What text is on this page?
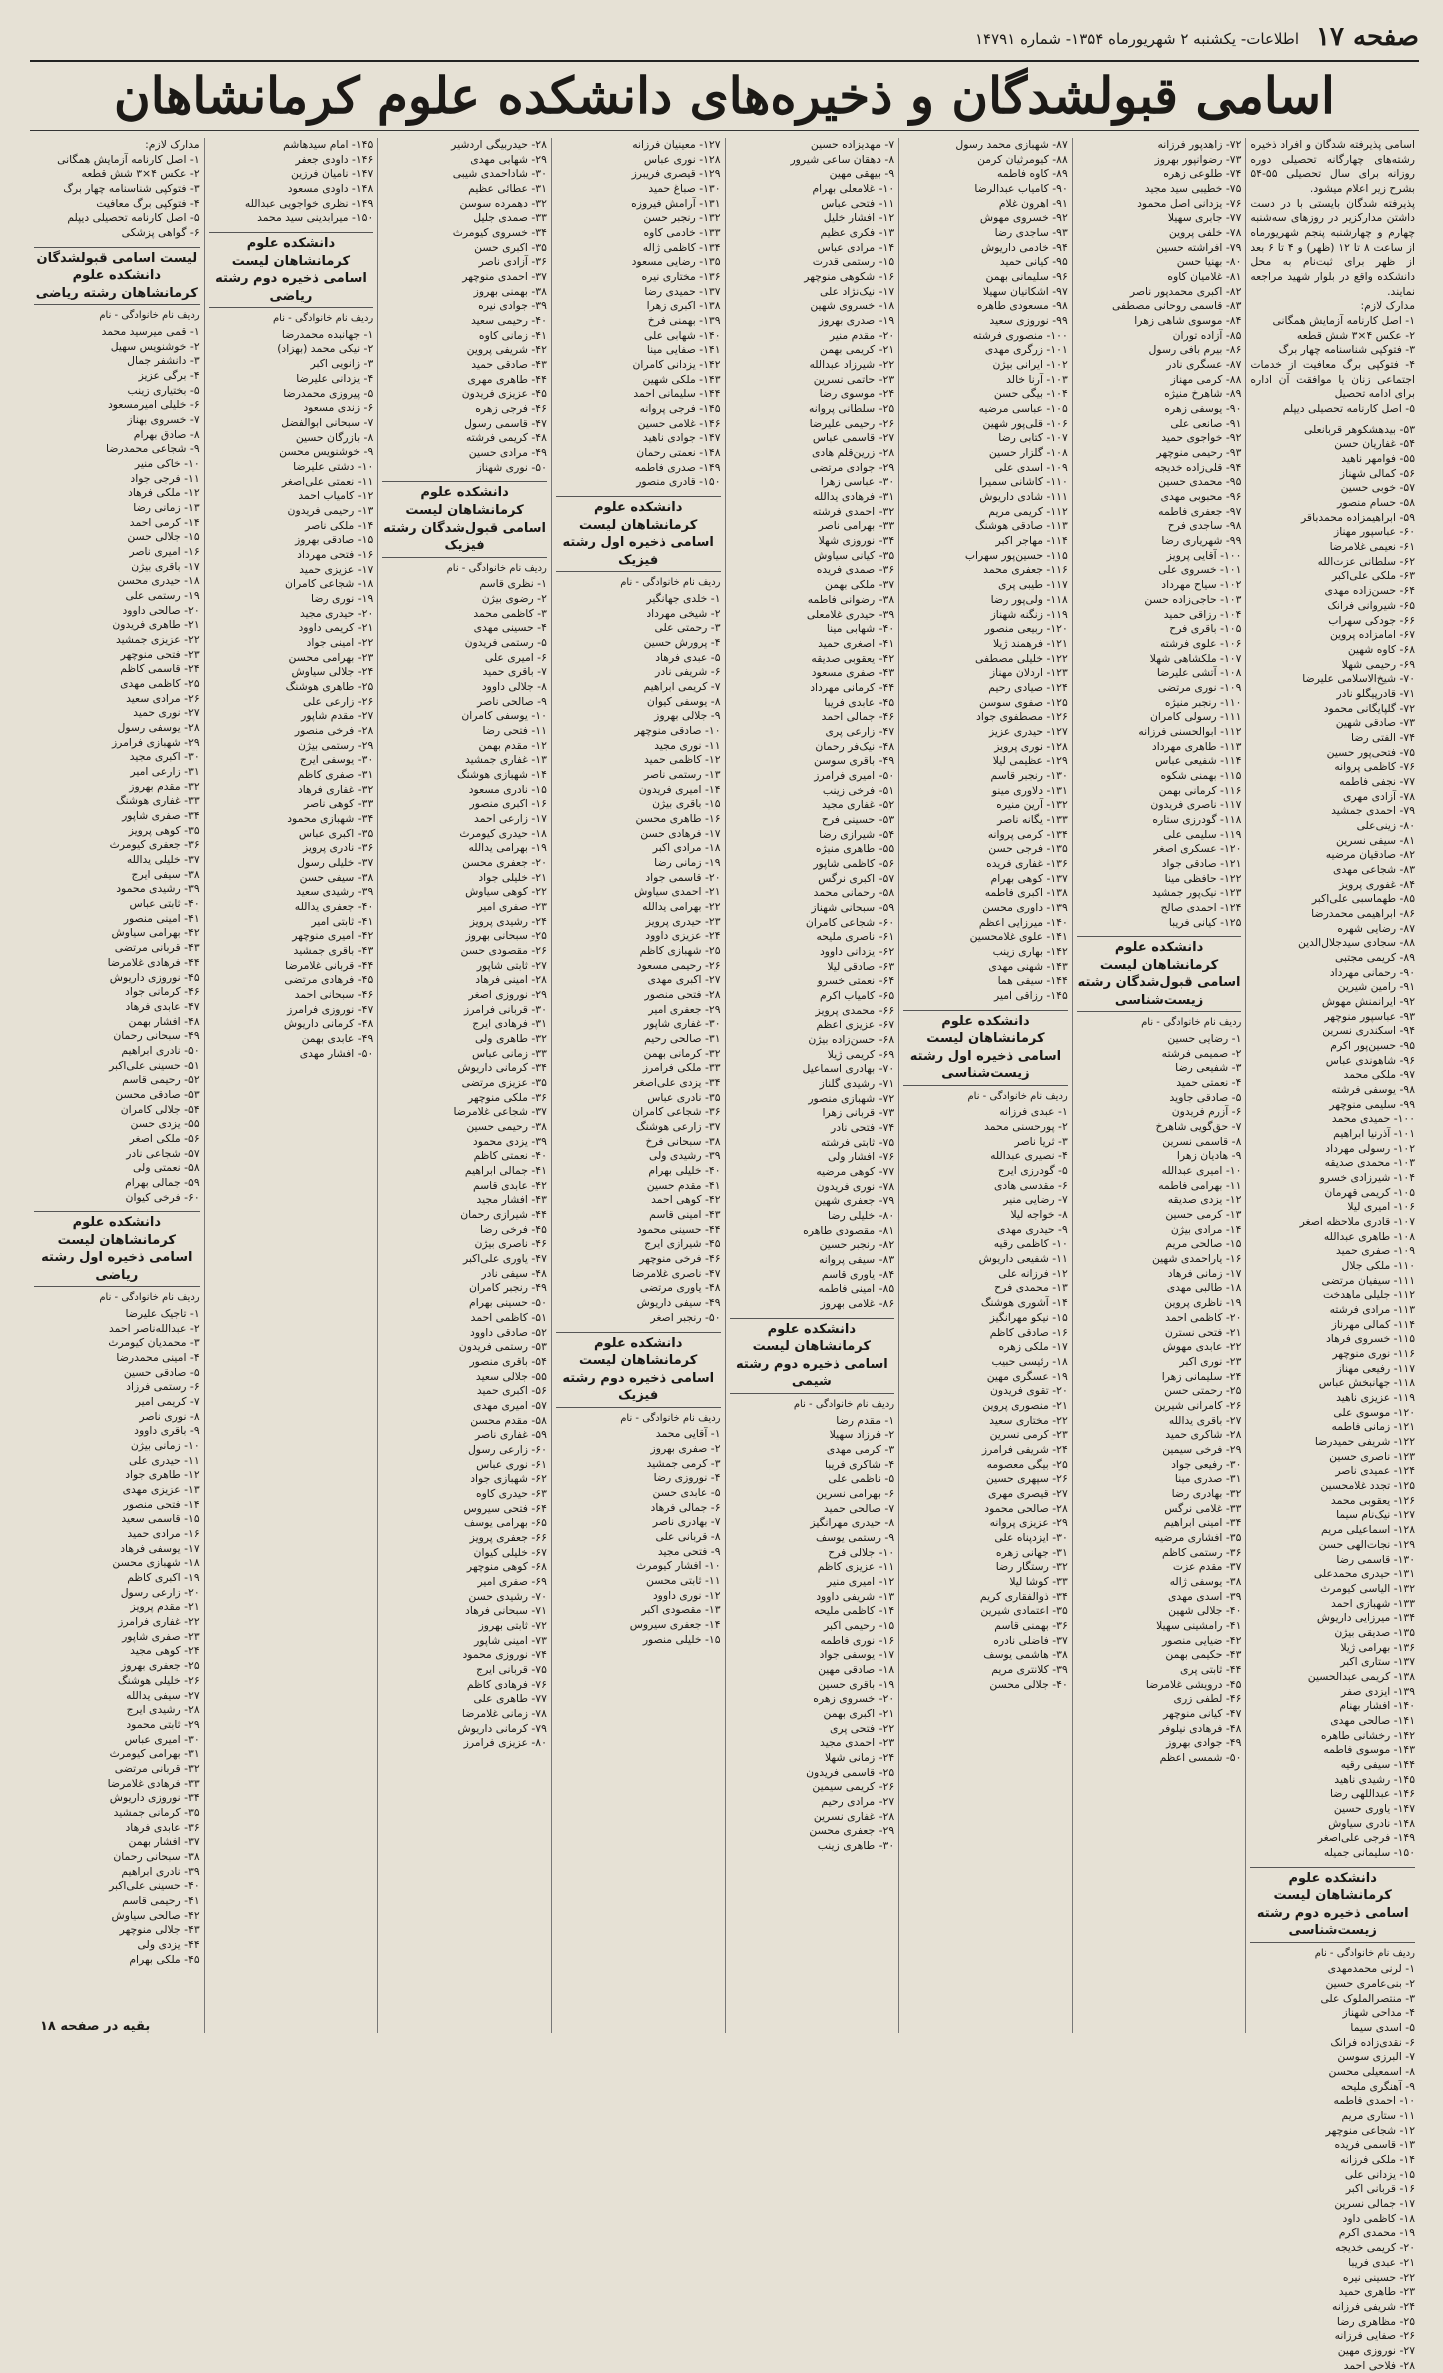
صفحه ۱۷
اطلاعات- یکشنبه ۲ شهریورماه ۱۳۵۴- شماره ۱۴۷۹۱
اسامی قبولشدگان و ذخیره‌های دانشکده علوم کرمانشاهان
اسامی پذیرفته شدگان و افراد ذخیره رشته‌های چهارگانه تحصیلی دوره روزانه برای سال تحصیلی ۵۵-۵۴ بشرح زیر اعلام میشود.
پذیرفته شدگان بایستی با در دست داشتن مدارکزیر در روزهای سه‌شنبه چهارم و چهارشنبه پنجم شهریورماه از ساعت ۸ تا ۱۲ (ظهر) و ۴ تا ۶ بعد از ظهر برای ثبت‌نام به محل دانشکده واقع در بلوار شهید مراجعه نمایند.
مدارک لازم:
۱- اصل کارنامه آزمایش همگانی
۲- عکس ۴×۳ شش قطعه
۳- فتوکپی شناسنامه چهار برگ
۴- فتوکپی برگ معافیت از خدمات اجتماعی زنان یا موافقت آن اداره برای ادامه تحصیل
۵- اصل کارنامه تحصیلی دیپلم
۵۳- بیدهشکوهر قربانعلی
۵۴- غفاریان حسن
۵۵- فوامهر ناهید
۵۶- کمالی شهناز
۵۷- خوبی حسین
۵۸- حسام منصور
۵۹- ابراهیمزاده محمدباقر
۶۰- عباسپور مهناز
۶۱- نعیمی غلامرضا
۶۲- سلطانی عزت‌الله
۶۳- ملکی علی‌اکبر
۶۴- حسن‌زاده مهدی
۶۵- شیروانی فرانک
۶۶- جودکی سهراب
۶۷- امامزاده پروین
۶۸- کاوه شهین
۶۹- رحیمی شهلا
۷۰- شیخ‌الاسلامی علیرضا
۷۱- قادرپیگلو نادر
۷۲- گلپایگانی محمود
۷۳- صادقی شهین
۷۴- الفتی رضا
۷۵- فتحی‌پور حسین
۷۶- کاظمی پروانه
۷۷- نجفی فاطمه
۷۸- آزادی مهری
۷۹- احمدی جمشید
۸۰- زینی‌علی
۸۱- سیفی نسرین
۸۲- صادقیان مرضیه
۸۳- شجاعی مهدی
۸۴- غفوری پرویز
۸۵- طهماسبی علی‌اکبر
۸۶- ابراهیمی محمدرضا
۸۷- رضایی شهره
۸۸- سجادی سیدجلال‌الدین
۸۹- کریمی مجتبی
۹۰- رحمانی مهرداد
۹۱- رامین شیرین
۹۲- ایرانمنش مهوش
۹۳- عباسپور منوچهر
۹۴- اسکندری نسرین
۹۵- حسین‌پور اکرم
۹۶- شاهوندی عباس
۹۷- ملکی محمد
۹۸- یوسفی فرشته
۹۹- سلیمی منوچهر
۱۰۰- حمیدی محمد
۱۰۱- آذرنیا ابراهیم
۱۰۲- رسولی مهرداد
۱۰۳- محمدی صدیقه
۱۰۴- شیرزادی خسرو
۱۰۵- کریمی قهرمان
۱۰۶- امیری لیلا
۱۰۷- قادری ملاحظه اصغر
۱۰۸- طاهری عبدالله
۱۰۹- صفری حمید
۱۱۰- ملکی جلال
۱۱۱- سیفیان مرتضی
۱۱۲- جلیلی ماهدخت
۱۱۳- مرادی فرشته
۱۱۴- کمالی مهرناز
۱۱۵- خسروی فرهاد
۱۱۶- نوری منوچهر
۱۱۷- رفیعی مهناز
۱۱۸- جهانبخش عباس
۱۱۹- عزیزی ناهید
۱۲۰- موسوی علی
۱۲۱- زمانی فاطمه
۱۲۲- شریفی حمیدرضا
۱۲۳- ناصری حسین
۱۲۴- عمیدی ناصر
۱۲۵- تجدد غلامحسین
۱۲۶- یعقوبی محمد
۱۲۷- نیک‌نام سیما
۱۲۸- اسماعیلی مریم
۱۲۹- نجات‌الهی حسن
۱۳۰- قاسمی رضا
۱۳۱- حیدری محمدعلی
۱۳۲- الیاسی کیومرث
۱۳۳- شهبازی احمد
۱۳۴- میرزایی داریوش
۱۳۵- صدیقی بیژن
۱۳۶- بهرامی ژیلا
۱۳۷- ستاری اکبر
۱۳۸- کریمی عبدالحسین
۱۳۹- ایزدی صفر
۱۴۰- افشار بهنام
۱۴۱- صالحی مهدی
۱۴۲- رخشانی طاهره
۱۴۳- موسوی فاطمه
۱۴۴- سیفی رقیه
۱۴۵- رشیدی ناهید
۱۴۶- عبداللهی رضا
۱۴۷- یاوری حسین
۱۴۸- نادری سیاوش
۱۴۹- فرجی علی‌اصغر
۱۵۰- سلیمانی جمیله
دانشکده علوم کرمانشاهان لیست اسامی ذخیره دوم رشته زیست‌شناسی
ردیف نام خانوادگی - نام
۱- لرنی محمدمهدی
۲- بنی‌عامری حسین
۳- منتصرالملوک علی
۴- مداحی شهناز
۵- اسدی سیما
۶- نقدی‌زاده فرانک
۷- البرزی سوسن
۸- اسمعیلی محسن
۹- آهنگری ملیحه
۱۰- احمدی فاطمه
۱۱- ستاری مریم
۱۲- شجاعی منوچهر
۱۳- قاسمی فریده
۱۴- ملکی فرزانه
۱۵- یزدانی علی
۱۶- قربانی اکبر
۱۷- جمالی نسرین
۱۸- کاظمی داود
۱۹- محمدی اکرم
۲۰- کریمی خدیجه
۲۱- عبدی فریبا
۲۲- حسینی نیره
۲۳- طاهری حمید
۲۴- شریفی فرزانه
۲۵- مظاهری رضا
۲۶- صفایی فرزانه
۲۷- نوروزی مهین
۲۸- فلاحی احمد
۷۲- زاهدپور فرزانه
۷۳- رضوانپور بهروز
۷۴- طلوعی زهره
۷۵- خطیبی سید مجید
۷۶- یزدانی اصل محمود
۷۷- جابری سهیلا
۷۸- خلفی پروین
۷۹- افراشته حسین
۸۰- بهنیا حسن
۸۱- غلامیان کاوه
۸۲- اکبری محمدپور ناصر
۸۳- قاسمی روحانی مصطفی
۸۴- موسوی شاهی زهرا
۸۵- آزاده توران
۸۶- بیرم بافی رسول
۸۷- عسگری نادر
۸۸- کرمی مهناز
۸۹- شاهرخ منیژه
۹۰- یوسفی زهره
۹۱- صانعی علی
۹۲- خواجوی حمید
۹۳- رحیمی منوچهر
۹۴- قلی‌زاده خدیجه
۹۵- محمدی حسین
۹۶- محبوبی مهدی
۹۷- جعفری فاطمه
۹۸- ساجدی فرح
۹۹- شهریاری رضا
۱۰۰- آقایی پرویز
۱۰۱- خسروی علی
۱۰۲- سیاح مهرداد
۱۰۳- حاجی‌زاده حسن
۱۰۴- رزاقی حمید
۱۰۵- باقری فرح
۱۰۶- علوی فرشته
۱۰۷- ملکشاهی شهلا
۱۰۸- آتشی علیرضا
۱۰۹- نوری مرتضی
۱۱۰- رنجبر منیژه
۱۱۱- رسولی کامران
۱۱۲- ابوالحسنی فرزانه
۱۱۳- طاهری مهرداد
۱۱۴- شفیعی عباس
۱۱۵- بهمنی شکوه
۱۱۶- کرمانی بهمن
۱۱۷- ناصری فریدون
۱۱۸- گودرزی ستاره
۱۱۹- سلیمی علی
۱۲۰- عسکری اصغر
۱۲۱- صادقی جواد
۱۲۲- حافظی مینا
۱۲۳- نیک‌پور جمشید
۱۲۴- احمدی صالح
۱۲۵- کیانی فریبا
دانشکده علوم کرمانشاهان لیست اسامی قبول‌شدگان رشته زیست‌شناسی
ردیف نام خانوادگی - نام
۱- رضایی حسین
۲- صمیمی فرشته
۳- شفیعی رضا
۴- نعمتی حمید
۵- صادقی جاوید
۶- آزرم فریدون
۷- حق‌گویی شاهرخ
۸- قاسمی نسرین
۹- هادیان زهرا
۱۰- امیری عبدالله
۱۱- بهرامی فاطمه
۱۲- یزدی صدیقه
۱۳- کرمی حسین
۱۴- مرادی بیژن
۱۵- صالحی مریم
۱۶- یاراحمدی شهین
۱۷- زمانی فرهاد
۱۸- طالبی مهدی
۱۹- ناظری پروین
۲۰- کاظمی احمد
۲۱- فتحی نسترن
۲۲- عابدی مهوش
۲۳- نوری اکبر
۲۴- سلیمانی زهرا
۲۵- رحمتی حسن
۲۶- کامرانی شیرین
۲۷- باقری یدالله
۲۸- شاکری حمید
۲۹- فرخی سیمین
۳۰- رفیعی جواد
۳۱- صدری مینا
۳۲- بهادری رضا
۳۳- غلامی نرگس
۳۴- امینی ابراهیم
۳۵- افشاری مرضیه
۳۶- رستمی کاظم
۳۷- مقدم عزت
۳۸- یوسفی ژاله
۳۹- اسدی مهدی
۴۰- جلالی شهین
۴۱- رامشینی سهیلا
۴۲- ضیایی منصور
۴۳- حکیمی بهمن
۴۴- ثابتی پری
۴۵- درویشی غلامرضا
۴۶- لطفی زری
۴۷- کیانی منوچهر
۴۸- فرهادی نیلوفر
۴۹- جوادی بهروز
۵۰- شمسی اعظم
۸۷- شهبازی محمد رسول
۸۸- کیومرثیان کرمن
۸۹- کاوه فاطمه
۹۰- کامیاب عبدالرضا
۹۱- اهرون غلام
۹۲- خسروی مهوش
۹۳- ساجدی رضا
۹۴- خادمی داریوش
۹۵- کیانی حمید
۹۶- سلیمانی بهمن
۹۷- اشکانیان سهیلا
۹۸- مسعودی طاهره
۹۹- نوروزی سعید
۱۰۰- منصوری فرشته
۱۰۱- زرگری مهدی
۱۰۲- ایرانی بیژن
۱۰۳- آرنا خالد
۱۰۴- بیگی حسن
۱۰۵- عباسی مرضیه
۱۰۶- قلی‌پور شهین
۱۰۷- کتابی رضا
۱۰۸- گلزار حسین
۱۰۹- اسدی علی
۱۱۰- کاشانی سمیرا
۱۱۱- شادی داریوش
۱۱۲- کریمی مریم
۱۱۳- صادقی هوشنگ
۱۱۴- مهاجر اکبر
۱۱۵- حسین‌پور سهراب
۱۱۶- جعفری محمد
۱۱۷- طیبی پری
۱۱۸- ولی‌پور رضا
۱۱۹- زنگنه شهناز
۱۲۰- ربیعی منصور
۱۲۱- فرهمند ژیلا
۱۲۲- خلیلی مصطفی
۱۲۳- اردلان مهناز
۱۲۴- صیادی رحیم
۱۲۵- صفوی سوسن
۱۲۶- مصطفوی جواد
۱۲۷- حیدری عزیز
۱۲۸- نوری پرویز
۱۲۹- عظیمی لیلا
۱۳۰- رنجبر قاسم
۱۳۱- دلاوری مینو
۱۳۲- آرین منیره
۱۳۳- یگانه ناصر
۱۳۴- کرمی پروانه
۱۳۵- فرجی حسن
۱۳۶- غفاری فریده
۱۳۷- کوهی بهرام
۱۳۸- اکبری فاطمه
۱۳۹- داوری محسن
۱۴۰- میرزایی اعظم
۱۴۱- علوی غلامحسین
۱۴۲- بهاری زینب
۱۴۳- شهنی مهدی
۱۴۴- سیفی هما
۱۴۵- رزاقی امیر
دانشکده علوم کرمانشاهان لیست اسامی ذخیره اول رشته زیست‌شناسی
ردیف نام خانوادگی - نام
۱- عبدی فرزانه
۲- پورحسنی محمد
۳- ثریا ناصر
۴- نصیری عبدالله
۵- گودرزی ایرج
۶- مقدسی هادی
۷- رضایی منیر
۸- خواجه لیلا
۹- حیدری مهدی
۱۰- کاظمی رقیه
۱۱- شفیعی داریوش
۱۲- فرزانه علی
۱۳- محمدی فرح
۱۴- آشوری هوشنگ
۱۵- نیکو مهرانگیز
۱۶- صادقی کاظم
۱۷- ملکی زهره
۱۸- رئیسی حبیب
۱۹- عسگری مهین
۲۰- تقوی فریدون
۲۱- منصوری پروین
۲۲- مختاری سعید
۲۳- کرمی نسرین
۲۴- شریفی فرامرز
۲۵- بیگی معصومه
۲۶- سپهری حسین
۲۷- قیصری مهری
۲۸- صالحی محمود
۲۹- عزیزی پروانه
۳۰- ایزدپناه علی
۳۱- جهانی زهره
۳۲- رستگار رضا
۳۳- کوشا لیلا
۳۴- ذوالفقاری کریم
۳۵- اعتمادی شیرین
۳۶- بهمنی قاسم
۳۷- فاضلی نادره
۳۸- هاشمی یوسف
۳۹- کلانتری مریم
۴۰- جلالی محسن
۷- مهدیزاده حسین
۸- دهقان ساعی شیرور
۹- بیهقی مهین
۱۰- غلامعلی بهرام
۱۱- فتحی عباس
۱۲- افشار خلیل
۱۳- فکری عظیم
۱۴- مرادی عباس
۱۵- رستمی قدرت
۱۶- شکوهی منوچهر
۱۷- نیک‌نژاد علی
۱۸- خسروی شهین
۱۹- صدری بهروز
۲۰- مقدم منیر
۲۱- کریمی بهمن
۲۲- شیرزاد عبدالله
۲۳- حاتمی نسرین
۲۴- موسوی رضا
۲۵- سلطانی پروانه
۲۶- رحیمی علیرضا
۲۷- قاسمی عباس
۲۸- زرین‌قلم هادی
۲۹- جوادی مرتضی
۳۰- عباسی زهرا
۳۱- فرهادی یدالله
۳۲- احمدی فرشته
۳۳- بهرامی ناصر
۳۴- نوروزی شهلا
۳۵- کیانی سیاوش
۳۶- صمدی فریده
۳۷- ملکی بهمن
۳۸- رضوانی فاطمه
۳۹- حیدری غلامعلی
۴۰- شهابی مینا
۴۱- اصغری حمید
۴۲- یعقوبی صدیقه
۴۳- صفری مسعود
۴۴- کرمانی مهرداد
۴۵- عابدی فریبا
۴۶- جمالی احمد
۴۷- زارعی پری
۴۸- نیک‌فر رحمان
۴۹- باقری سوسن
۵۰- امیری فرامرز
۵۱- فرخی زینب
۵۲- غفاری مجید
۵۳- حسینی فرح
۵۴- شیرازی رضا
۵۵- طاهری منیژه
۵۶- کاظمی شاپور
۵۷- اکبری نرگس
۵۸- رحمانی محمد
۵۹- سبحانی شهناز
۶۰- شجاعی کامران
۶۱- ناصری ملیحه
۶۲- یزدانی داوود
۶۳- صادقی لیلا
۶۴- نعمتی خسرو
۶۵- کامیاب اکرم
۶۶- محمدی پرویز
۶۷- عزیزی اعظم
۶۸- حسن‌زاده بیژن
۶۹- کریمی ژیلا
۷۰- بهادری اسماعیل
۷۱- رشیدی گلناز
۷۲- شهبازی منصور
۷۳- قربانی زهرا
۷۴- فتحی نادر
۷۵- ثابتی فرشته
۷۶- افشار ولی
۷۷- کوهی مرضیه
۷۸- نوری فریدون
۷۹- جعفری شهین
۸۰- خلیلی رضا
۸۱- مقصودی طاهره
۸۲- رنجبر حسین
۸۳- سیفی پروانه
۸۴- یاوری قاسم
۸۵- امینی فاطمه
۸۶- غلامی بهروز
دانشکده علوم کرمانشاهان لیست اسامی ذخیره دوم رشته شیمی
ردیف نام خانوادگی - نام
۱- مقدم رضا
۲- فرزاد سهیلا
۳- کرمی مهدی
۴- شاکری فریبا
۵- ناظمی علی
۶- بهرامی نسرین
۷- صالحی حمید
۸- حیدری مهرانگیز
۹- رستمی یوسف
۱۰- جلالی فرح
۱۱- عزیزی کاظم
۱۲- امیری منیر
۱۳- شریفی داوود
۱۴- کاظمی ملیحه
۱۵- رحیمی اکبر
۱۶- نوری فاطمه
۱۷- یوسفی جواد
۱۸- صادقی مهین
۱۹- باقری حسین
۲۰- خسروی زهره
۲۱- اکبری بهمن
۲۲- فتحی پری
۲۳- احمدی مجید
۲۴- زمانی شهلا
۲۵- قاسمی فریدون
۲۶- کریمی سیمین
۲۷- مرادی رحیم
۲۸- غفاری نسرین
۲۹- جعفری محسن
۳۰- طاهری زینب
۱۲۷- معینیان فرزانه
۱۲۸- نوری عباس
۱۲۹- قیصری فریبرز
۱۳۰- صباغ حمید
۱۳۱- آرامش فیروزه
۱۳۲- رنجبر حسن
۱۳۳- خادمی کاوه
۱۳۴- کاظمی ژاله
۱۳۵- رضایی مسعود
۱۳۶- مختاری نیره
۱۳۷- حمیدی رضا
۱۳۸- اکبری زهرا
۱۳۹- بهمنی فرخ
۱۴۰- شهابی علی
۱۴۱- صفایی مینا
۱۴۲- یزدانی کامران
۱۴۳- ملکی شهین
۱۴۴- سلیمانی احمد
۱۴۵- فرجی پروانه
۱۴۶- غلامی حسین
۱۴۷- جوادی ناهید
۱۴۸- نعمتی رحمان
۱۴۹- صدری فاطمه
۱۵۰- قادری منصور
دانشکده علوم کرمانشاهان لیست اسامی ذخیره اول رشته فیزیک
ردیف نام خانوادگی - نام
۱- خلدی جهانگیر
۲- شیخی مهرداد
۳- رحمتی علی
۴- پرورش حسین
۵- عبدی فرهاد
۶- شریفی نادر
۷- کریمی ابراهیم
۸- یوسفی کیوان
۹- جلالی بهروز
۱۰- صادقی منوچهر
۱۱- نوری مجید
۱۲- کاظمی حمید
۱۳- رستمی ناصر
۱۴- امیری فریدون
۱۵- باقری بیژن
۱۶- طاهری محسن
۱۷- فرهادی حسن
۱۸- مرادی اکبر
۱۹- زمانی رضا
۲۰- قاسمی جواد
۲۱- احمدی سیاوش
۲۲- بهرامی یدالله
۲۳- حیدری پرویز
۲۴- عزیزی داوود
۲۵- شهبازی کاظم
۲۶- رحیمی مسعود
۲۷- اکبری مهدی
۲۸- فتحی منصور
۲۹- جعفری امیر
۳۰- غفاری شاپور
۳۱- صالحی رحیم
۳۲- کرمانی بهمن
۳۳- ملکی فرامرز
۳۴- یزدی علی‌اصغر
۳۵- نادری عباس
۳۶- شجاعی کامران
۳۷- زارعی هوشنگ
۳۸- سبحانی فرخ
۳۹- رشیدی ولی
۴۰- خلیلی بهرام
۴۱- مقدم حسین
۴۲- کوهی احمد
۴۳- امینی قاسم
۴۴- حسینی محمود
۴۵- شیرازی ایرج
۴۶- فرخی منوچهر
۴۷- ناصری غلامرضا
۴۸- یاوری مرتضی
۴۹- سیفی داریوش
۵۰- رنجبر اصغر
دانشکده علوم کرمانشاهان لیست اسامی ذخیره دوم رشته فیزیک
ردیف نام خانوادگی - نام
۱- آقایی محمد
۲- صفری بهروز
۳- کرمی جمشید
۴- نوروزی رضا
۵- عابدی حسن
۶- جمالی فرهاد
۷- بهادری ناصر
۸- قربانی علی
۹- فتحی مجید
۱۰- افشار کیومرث
۱۱- ثابتی محسن
۱۲- نوری داوود
۱۳- مقصودی اکبر
۱۴- جعفری سیروس
۱۵- خلیلی منصور
۲۸- حیدربیگی اردشیر
۲۹- شهابی مهدی
۳۰- شاداحمدی شیبی
۳۱- عطائی عظیم
۳۲- دهمرده سوسن
۳۳- صمدی جلیل
۳۴- خسروی کیومرث
۳۵- اکبری حسن
۳۶- آزادی ناصر
۳۷- احمدی منوچهر
۳۸- بهمنی بهروز
۳۹- جوادی نیره
۴۰- رحیمی سعید
۴۱- زمانی کاوه
۴۲- شریفی پروین
۴۳- صادقی حمید
۴۴- طاهری مهری
۴۵- عزیزی فریدون
۴۶- فرجی زهره
۴۷- قاسمی رسول
۴۸- کریمی فرشته
۴۹- مرادی حسین
۵۰- نوری شهناز
دانشکده علوم کرمانشاهان لیست اسامی قبول‌شدگان رشته فیزیک
ردیف نام خانوادگی - نام
۱- نظری قاسم
۲- رضوی بیژن
۳- کاظمی محمد
۴- حسینی مهدی
۵- رستمی فریدون
۶- امیری علی
۷- باقری حمید
۸- جلالی داوود
۹- صالحی ناصر
۱۰- یوسفی کامران
۱۱- فتحی رضا
۱۲- مقدم بهمن
۱۳- غفاری جمشید
۱۴- شهبازی هوشنگ
۱۵- نادری مسعود
۱۶- اکبری منصور
۱۷- زارعی احمد
۱۸- حیدری کیومرث
۱۹- بهرامی یدالله
۲۰- جعفری محسن
۲۱- خلیلی جواد
۲۲- کوهی سیاوش
۲۳- صفری امیر
۲۴- رشیدی پرویز
۲۵- سبحانی بهروز
۲۶- مقصودی حسن
۲۷- ثابتی شاپور
۲۸- امینی فرهاد
۲۹- نوروزی اصغر
۳۰- قربانی فرامرز
۳۱- فرهادی ایرج
۳۲- طاهری ولی
۳۳- زمانی عباس
۳۴- کرمانی داریوش
۳۵- عزیزی مرتضی
۳۶- ملکی منوچهر
۳۷- شجاعی غلامرضا
۳۸- رحیمی حسین
۳۹- یزدی محمود
۴۰- نعمتی کاظم
۴۱- جمالی ابراهیم
۴۲- عابدی قاسم
۴۳- افشار مجید
۴۴- شیرازی رحمان
۴۵- فرخی رضا
۴۶- ناصری بیژن
۴۷- یاوری علی‌اکبر
۴۸- سیفی نادر
۴۹- رنجبر کامران
۵۰- حسینی بهرام
۵۱- کاظمی احمد
۵۲- صادقی داوود
۵۳- رستمی فریدون
۵۴- باقری منصور
۵۵- جلالی سعید
۵۶- اکبری حمید
۵۷- امیری مهدی
۵۸- مقدم محسن
۵۹- غفاری ناصر
۶۰- زارعی رسول
۶۱- نوری عباس
۶۲- شهبازی جواد
۶۳- حیدری کاوه
۶۴- فتحی سیروس
۶۵- بهرامی یوسف
۶۶- جعفری پرویز
۶۷- خلیلی کیوان
۶۸- کوهی منوچهر
۶۹- صفری امیر
۷۰- رشیدی حسن
۷۱- سبحانی فرهاد
۷۲- ثابتی بهروز
۷۳- امینی شاپور
۷۴- نوروزی محمود
۷۵- قربانی ایرج
۷۶- فرهادی کاظم
۷۷- طاهری علی
۷۸- زمانی غلامرضا
۷۹- کرمانی داریوش
۸۰- عزیزی فرامرز
۱۴۵- امام سیدهاشم
۱۴۶- داودی جعفر
۱۴۷- نامیان فرزین
۱۴۸- داودی مسعود
۱۴۹- نظری خواجویی عبدالله
۱۵۰- میرابدینی سید محمد
دانشکده علوم کرمانشاهان لیست اسامی ذخیره دوم رشته ریاضی
ردیف نام خانوادگی - نام
۱- جهانبده محمدرضا
۲- نیکی محمد (بهزاد)
۳- زانویی اکبر
۴- یزدانی علیرضا
۵- پیروزی محمدرضا
۶- زندی مسعود
۷- سبحانی ابوالفضل
۸- بازرگان حسین
۹- خوشنویس محسن
۱۰- دشتی علیرضا
۱۱- نعمتی علی‌اصغر
۱۲- کامیاب احمد
۱۳- رحیمی فریدون
۱۴- ملکی ناصر
۱۵- صادقی بهروز
۱۶- فتحی مهرداد
۱۷- عزیزی حمید
۱۸- شجاعی کامران
۱۹- نوری رضا
۲۰- حیدری مجید
۲۱- کریمی داوود
۲۲- امینی جواد
۲۳- بهرامی محسن
۲۴- جلالی سیاوش
۲۵- طاهری هوشنگ
۲۶- زارعی علی
۲۷- مقدم شاپور
۲۸- فرخی منصور
۲۹- رستمی بیژن
۳۰- یوسفی ایرج
۳۱- صفری کاظم
۳۲- غفاری فرهاد
۳۳- کوهی ناصر
۳۴- شهبازی محمود
۳۵- اکبری عباس
۳۶- نادری پرویز
۳۷- خلیلی رسول
۳۸- سیفی حسن
۳۹- رشیدی سعید
۴۰- جعفری یدالله
۴۱- ثابتی امیر
۴۲- امیری منوچهر
۴۳- باقری جمشید
۴۴- قربانی غلامرضا
۴۵- فرهادی مرتضی
۴۶- سبحانی احمد
۴۷- نوروزی فرامرز
۴۸- کرمانی داریوش
۴۹- عابدی بهمن
۵۰- افشار مهدی
مدارک لازم:
۱- اصل کارنامه آزمایش همگانی
۲- عکس ۴×۳ شش قطعه
۳- فتوکپی شناسنامه چهار برگ
۴- فتوکپی برگ معافیت
۵- اصل کارنامه تحصیلی دیپلم
۶- گواهی پزشکی
لیست اسامی قبولشدگان دانشکده علوم کرمانشاهان رشته ریاضی
ردیف نام خانوادگی - نام
۱- قمی میرسید محمد
۲- خوشنویس سهیل
۳- دانشفر جمال
۴- برگی عزیز
۵- بختیاری زینب
۶- خلیلی امیرمسعود
۷- خسروی بهناز
۸- صادق بهرام
۹- شجاعی محمدرضا
۱۰- خاکی منیر
۱۱- فرجی جواد
۱۲- ملکی فرهاد
۱۳- زمانی رضا
۱۴- کرمی احمد
۱۵- جلالی حسن
۱۶- امیری ناصر
۱۷- باقری بیژن
۱۸- حیدری محسن
۱۹- رستمی علی
۲۰- صالحی داوود
۲۱- طاهری فریدون
۲۲- عزیزی جمشید
۲۳- فتحی منوچهر
۲۴- قاسمی کاظم
۲۵- کاظمی مهدی
۲۶- مرادی سعید
۲۷- نوری حمید
۲۸- یوسفی رسول
۲۹- شهبازی فرامرز
۳۰- اکبری مجید
۳۱- زارعی امیر
۳۲- مقدم بهروز
۳۳- غفاری هوشنگ
۳۴- صفری شاپور
۳۵- کوهی پرویز
۳۶- جعفری کیومرث
۳۷- خلیلی یدالله
۳۸- سیفی ایرج
۳۹- رشیدی محمود
۴۰- ثابتی عباس
۴۱- امینی منصور
۴۲- بهرامی سیاوش
۴۳- قربانی مرتضی
۴۴- فرهادی غلامرضا
۴۵- نوروزی داریوش
۴۶- کرمانی جواد
۴۷- عابدی فرهاد
۴۸- افشار بهمن
۴۹- سبحانی رحمان
۵۰- نادری ابراهیم
۵۱- حسینی علی‌اکبر
۵۲- رحیمی قاسم
۵۳- صادقی محسن
۵۴- جلالی کامران
۵۵- یزدی حسن
۵۶- ملکی اصغر
۵۷- شجاعی نادر
۵۸- نعمتی ولی
۵۹- جمالی بهرام
۶۰- فرخی کیوان
دانشکده علوم کرمانشاهان لیست اسامی ذخیره اول رشته ریاضی
ردیف نام خانوادگی - نام
۱- تاجیک علیرضا
۲- عبدالله‌ناصر احمد
۳- محمدیان کیومرث
۴- امینی محمدرضا
۵- صادقی حسین
۶- رستمی فرزاد
۷- کریمی امیر
۸- نوری ناصر
۹- باقری داوود
۱۰- زمانی بیژن
۱۱- حیدری علی
۱۲- طاهری جواد
۱۳- عزیزی مهدی
۱۴- فتحی منصور
۱۵- قاسمی سعید
۱۶- مرادی حمید
۱۷- یوسفی فرهاد
۱۸- شهبازی محسن
۱۹- اکبری کاظم
۲۰- زارعی رسول
۲۱- مقدم پرویز
۲۲- غفاری فرامرز
۲۳- صفری شاپور
۲۴- کوهی مجید
۲۵- جعفری بهروز
۲۶- خلیلی هوشنگ
۲۷- سیفی یدالله
۲۸- رشیدی ایرج
۲۹- ثابتی محمود
۳۰- امیری عباس
۳۱- بهرامی کیومرث
۳۲- قربانی مرتضی
۳۳- فرهادی غلامرضا
۳۴- نوروزی داریوش
۳۵- کرمانی جمشید
۳۶- عابدی فرهاد
۳۷- افشار بهمن
۳۸- سبحانی رحمان
۳۹- نادری ابراهیم
۴۰- حسینی علی‌اکبر
۴۱- رحیمی قاسم
۴۲- صالحی سیاوش
۴۳- جلالی منوچهر
۴۴- یزدی ولی
۴۵- ملکی بهرام
بقیه در صفحه ۱۸
